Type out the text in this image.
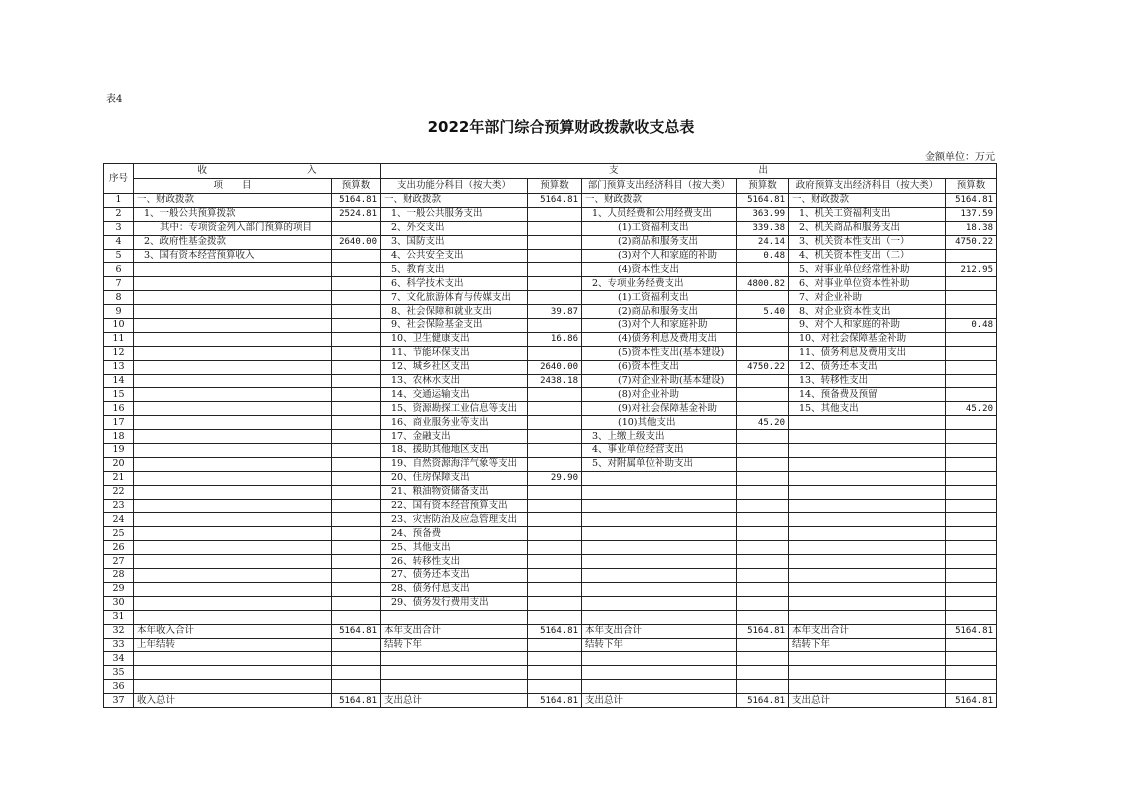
表4
2022年部门综合预算财政拨款收支总表
金额单位：万元
序号	收 入		支 出					
	项　　目	预算数	支出功能分科目（按大类）	预算数	部门预算支出经济科目（按大类）	预算数	政府预算支出经济科目（按大类）	预算数
1	一、财政拨款	5164.81	一、财政拨款	5164.81	一、财政拨款	5164.81	一、财政拨款	5164.81
2	1、一般公共预算拨款	2524.81	1、一般公共服务支出		1、人员经费和公用经费支出	363.99	1、机关工资福利支出	137.59
3	其中：专项资金列入部门预算的项目		2、外交支出		(1)工资福利支出	339.38	2、机关商品和服务支出	18.38
4	2、政府性基金拨款	2640.00	3、国防支出		(2)商品和服务支出	24.14	3、机关资本性支出（一）	4750.22
5	3、国有资本经营预算收入		4、公共安全支出		(3)对个人和家庭的补助	0.48	4、机关资本性支出（二）	
6			5、教育支出		(4)资本性支出		5、对事业单位经常性补助	212.95
7			6、科学技术支出		2、专项业务经费支出	4800.82	6、对事业单位资本性补助	
8			7、文化旅游体育与传媒支出		(1)工资福利支出		7、对企业补助	
9			8、社会保障和就业支出	39.87	(2)商品和服务支出	5.40	8、对企业资本性支出	
10			9、社会保险基金支出		(3)对个人和家庭补助		9、对个人和家庭的补助	0.48
11			10、卫生健康支出	16.86	(4)债务利息及费用支出		10、对社会保障基金补助	
12			11、节能环保支出		(5)资本性支出(基本建设)		11、债务利息及费用支出	
13			12、城乡社区支出	2640.00	(6)资本性支出	4750.22	12、债务还本支出	
14			13、农林水支出	2438.18	(7)对企业补助(基本建设)		13、转移性支出	
15			14、交通运输支出		(8)对企业补助		14、预备费及预留	
16			15、资源勘探工业信息等支出		(9)对社会保障基金补助		15、其他支出	45.20
17			16、商业服务业等支出		(10)其他支出	45.20		
18			17、金融支出		3、上缴上级支出			
19			18、援助其他地区支出		4、事业单位经营支出			
20			19、自然资源海洋气象等支出		5、对附属单位补助支出			
21			20、住房保障支出	29.90				
22			21、粮油物资储备支出					
23			22、国有资本经营预算支出					
24			23、灾害防治及应急管理支出					
25			24、预备费					
26			25、其他支出					
27			26、转移性支出					
28			27、债务还本支出					
29			28、债务付息支出					
30			29、债务发行费用支出					
31								
32	本年收入合计	5164.81	本年支出合计	5164.81	本年支出合计	5164.81	本年支出合计	5164.81
33	上年结转		结转下年		结转下年		结转下年	
34								
35								
36								
37	收入总计	5164.81	支出总计	5164.81	支出总计	5164.81	支出总计	5164.81
